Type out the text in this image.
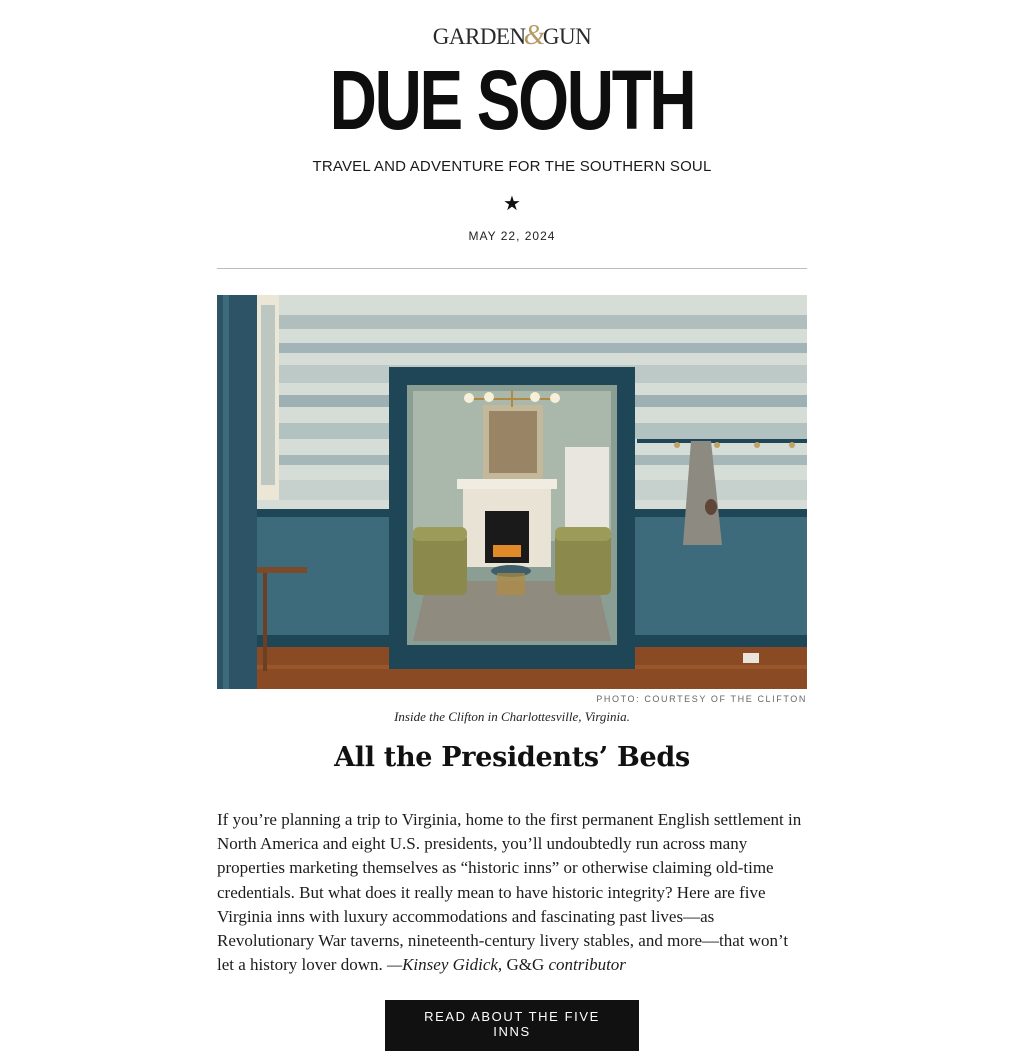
GARDEN&GUN
DUE SOUTH
TRAVEL AND ADVENTURE FOR THE SOUTHERN SOUL
★
MAY 22, 2024
PHOTO: COURTESY OF THE CLIFTON
Inside the Clifton in Charlottesville, Virginia.
All the Presidents’ Beds
If you’re planning a trip to Virginia, home to the first permanent English settlement in North America and eight U.S. presidents, you’ll undoubtedly run across many properties marketing themselves as “historic inns” or otherwise claiming old-time credentials. But what does it really mean to have historic integrity? Here are five Virginia inns with luxury accommodations and fascinating past lives—as Revolutionary War taverns, nineteenth-century livery stables, and more—that won’t let a history lover down. —Kinsey Gidick, G&G contributor
READ ABOUT THE FIVE INNS
